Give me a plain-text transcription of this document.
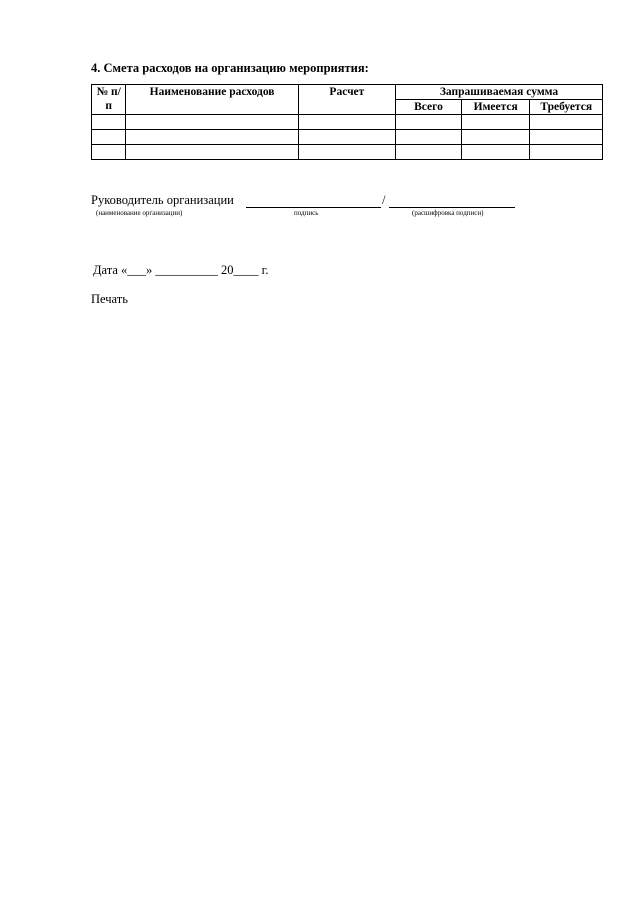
4. Смета расходов на организацию мероприятия:
№ п/п	Наименование расходов	Расчет	Запрашиваемая сумма		
			Всего	Имеется	Требуется

Руководитель организации	/
(наименование организации)	подпись	(расшифровка подписи)
Дата «___» __________ 20____ г.
Печать
